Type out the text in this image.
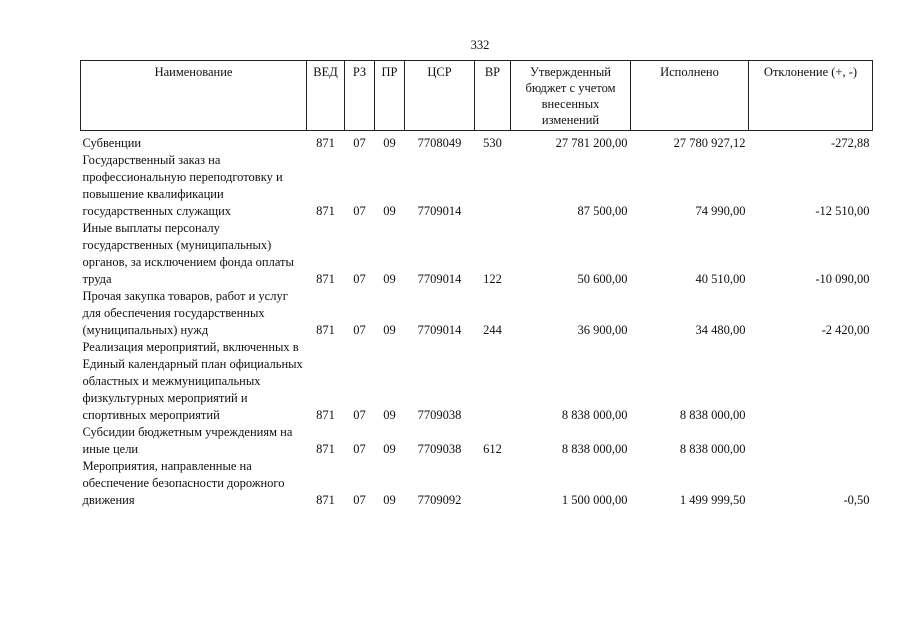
332
Наименование	ВЕД	РЗ	ПР	ЦСР	ВР	Утвержденный бюджет с учетом внесенных изменений	Исполнено	Отклонение (+, -)
Субвенции	871	07	09	7708049	530	27 781 200,00	27 780 927,12	-272,88
Государственный заказ на профессиональную переподготовку и повышение квалификации государственных служащих	871	07	09	7709014		87 500,00	74 990,00	-12 510,00
Иные выплаты персоналу государственных (муниципальных) органов, за исключением фонда оплаты труда	871	07	09	7709014	122	50 600,00	40 510,00	-10 090,00
Прочая закупка товаров, работ и услуг для обеспечения государственных (муниципальных) нужд	871	07	09	7709014	244	36 900,00	34 480,00	-2 420,00
Реализация мероприятий, включенных в Единый календарный план официальных областных и межмуниципальных физкультурных мероприятий и спортивных мероприятий	871	07	09	7709038		8 838 000,00	8 838 000,00	
Субсидии бюджетным учреждениям на иные цели	871	07	09	7709038	612	8 838 000,00	8 838 000,00	
Мероприятия, направленные на обеспечение безопасности дорожного движения	871	07	09	7709092		1 500 000,00	1 499 999,50	-0,50
